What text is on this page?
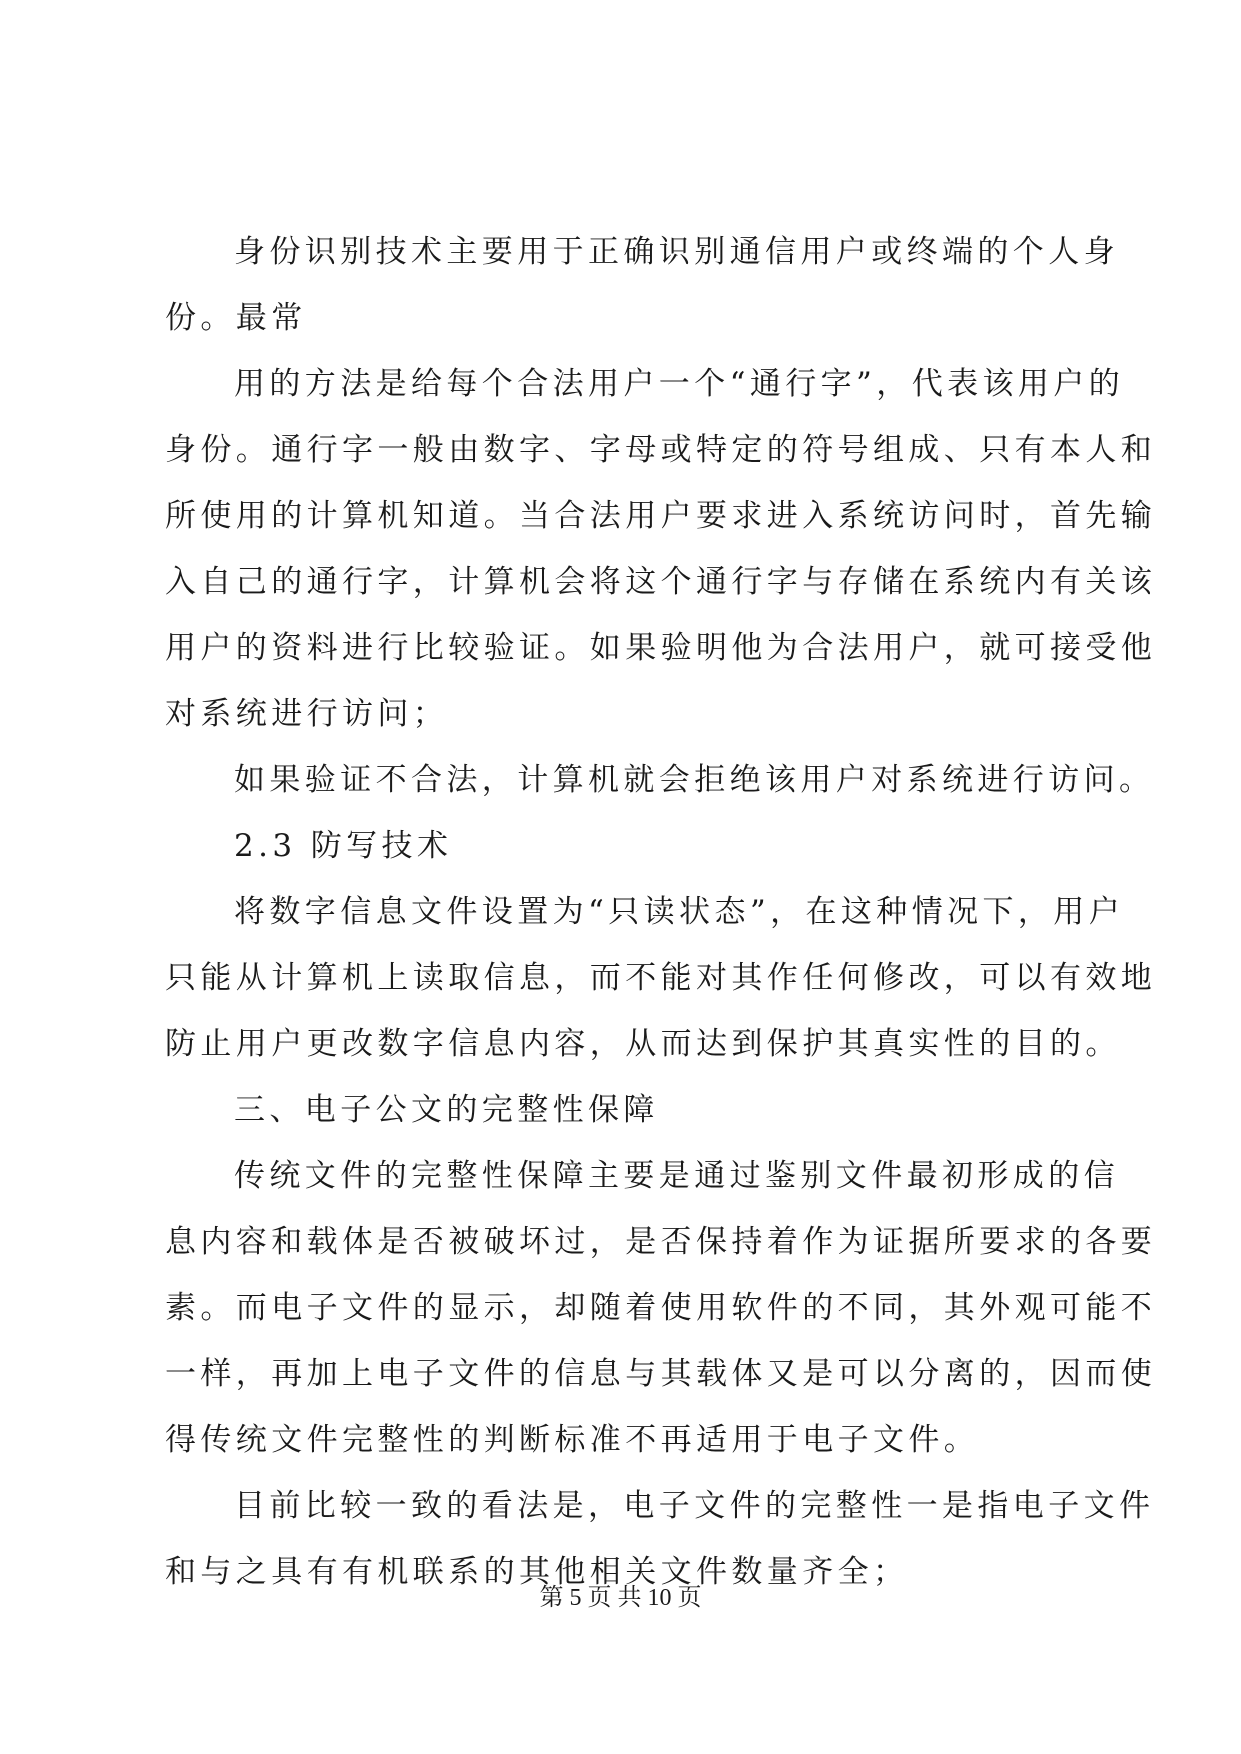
身份识别技术主要用于正确识别通信用户或终端的个人身
份。最常
用的方法是给每个合法用户一个“通行字”，代表该用户的
身份。通行字一般由数字、字母或特定的符号组成、只有本人和
所使用的计算机知道。当合法用户要求进入系统访问时，首先输
入自己的通行字，计算机会将这个通行字与存储在系统内有关该
用户的资料进行比较验证。如果验明他为合法用户，就可接受他
对系统进行访问；
如果验证不合法，计算机就会拒绝该用户对系统进行访问。
2.3 防写技术
将数字信息文件设置为“只读状态”，在这种情况下，用户
只能从计算机上读取信息，而不能对其作任何修改，可以有效地
防止用户更改数字信息内容，从而达到保护其真实性的目的。
三、电子公文的完整性保障
传统文件的完整性保障主要是通过鉴别文件最初形成的信
息内容和载体是否被破坏过，是否保持着作为证据所要求的各要
素。而电子文件的显示，却随着使用软件的不同，其外观可能不
一样，再加上电子文件的信息与其载体又是可以分离的，因而使
得传统文件完整性的判断标准不再适用于电子文件。
目前比较一致的看法是，电子文件的完整性一是指电子文件
和与之具有有机联系的其他相关文件数量齐全；
第 5 页 共 10 页
